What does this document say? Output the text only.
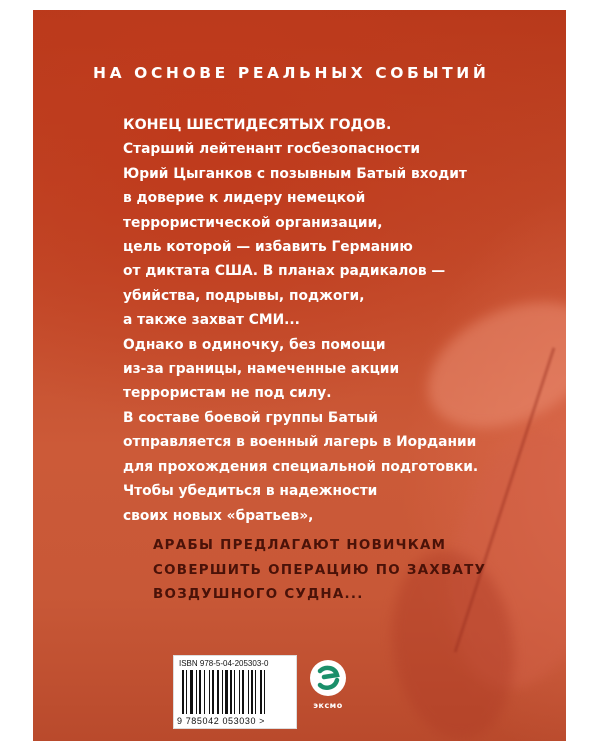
НА ОСНОВЕ РЕАЛЬНЫХ СОБЫТИЙ
КОНЕЦ ШЕСТИДЕСЯТЫХ ГОДОВ.
Старший лейтенант госбезопасности
Юрий Цыганков с позывным Батый входит
в доверие к лидеру немецкой
террористической организации,
цель которой — избавить Германию
от диктата США. В планах радикалов —
убийства, подрывы, поджоги,
а также захват СМИ...
Однако в одиночку, без помощи
из-за границы, намеченные акции
террористам не под силу.
В составе боевой группы Батый
отправляется в военный лагерь в Иордании
для прохождения специальной подготовки.
Чтобы убедиться в надежности
своих новых «братьев»,
АРАБЫ ПРЕДЛАГАЮТ НОВИЧКАМ
СОВЕРШИТЬ ОПЕРАЦИЮ ПО ЗАХВАТУ
ВОЗДУШНОГО СУДНА...
ISBN 978-5-04-205303-0
9 785042 053030 >
эксмо
